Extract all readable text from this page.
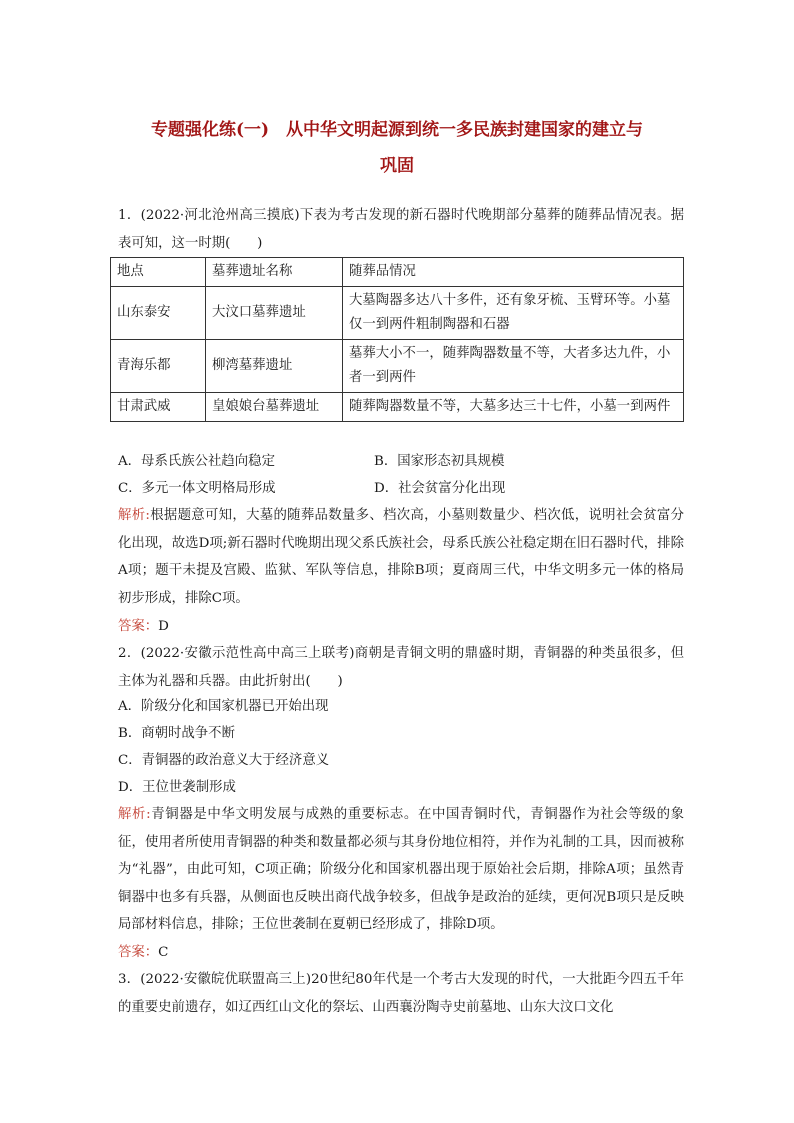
专题强化练(一)　从中华文明起源到统一多民族封建国家的建立与
巩固
1．(2022·河北沧州高三摸底)下表为考古发现的新石器时代晚期部分墓葬的随葬品情况表。据表可知，这一时期(　　)
地点	墓葬遗址名称	随葬品情况
山东泰安	大汶口墓葬遗址	大墓陶器多达八十多件，还有象牙梳、玉臂环等。小墓仅一到两件粗制陶器和石器
青海乐都	柳湾墓葬遗址	墓葬大小不一，随葬陶器数量不等，大者多达九件，小者一到两件
甘肃武威	皇娘娘台墓葬遗址	随葬陶器数量不等，大墓多达三十七件，小墓一到两件
A．母系氏族公社趋向稳定	B．国家形态初具规模
C．多元一体文明格局形成	D．社会贫富分化出现
解析:根据题意可知，大墓的随葬品数量多、档次高，小墓则数量少、档次低，说明社会贫富分化出现，故选D项;新石器时代晚期出现父系氏族社会，母系氏族公社稳定期在旧石器时代，排除A项；题干未提及宫殿、监狱、军队等信息，排除B项；夏商周三代，中华文明多元一体的格局初步形成，排除C项。
答案：D
2．(2022·安徽示范性高中高三上联考)商朝是青铜文明的鼎盛时期，青铜器的种类虽很多，但主体为礼器和兵器。由此折射出(　　)
A．阶级分化和国家机器已开始出现
B．商朝时战争不断
C．青铜器的政治意义大于经济意义
D．王位世袭制形成
解析:青铜器是中华文明发展与成熟的重要标志。在中国青铜时代，青铜器作为社会等级的象征，使用者所使用青铜器的种类和数量都必须与其身份地位相符，并作为礼制的工具，因而被称为“礼器”，由此可知，C项正确；阶级分化和国家机器出现于原始社会后期，排除A项；虽然青铜器中也多有兵器，从侧面也反映出商代战争较多，但战争是政治的延续，更何况B项只是反映局部材料信息，排除；王位世袭制在夏朝已经形成了，排除D项。
答案：C
3．(2022·安徽皖优联盟高三上)20世纪80年代是一个考古大发现的时代，一大批距今四五千年的重要史前遗存，如辽西红山文化的祭坛、山西襄汾陶寺史前墓地、山东大汶口文化
